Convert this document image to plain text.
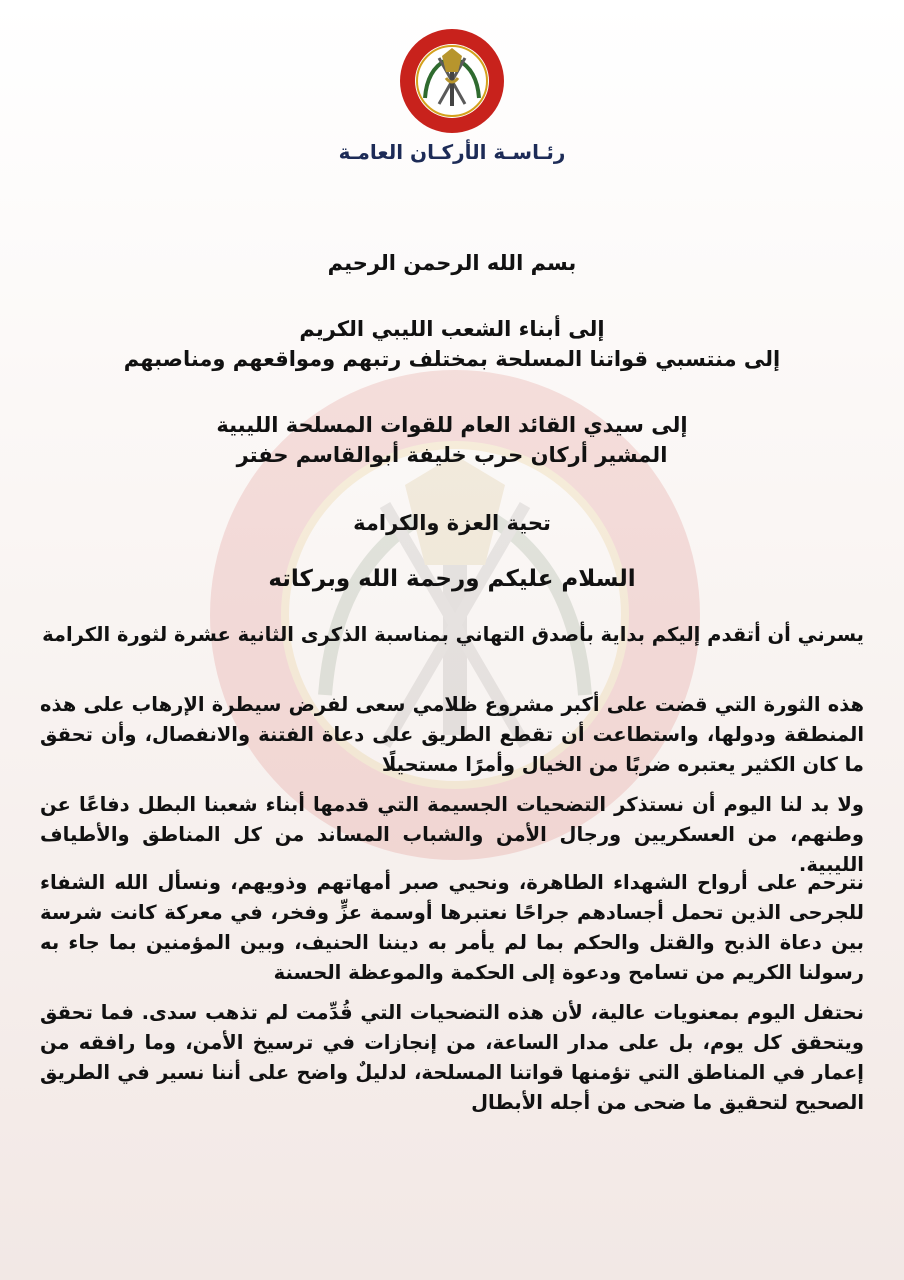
رئـاسـة الأركـان العامـة
بسم الله الرحمن الرحيم
إلى أبناء الشعب الليبي الكريم
إلى منتسبي قواتنا المسلحة بمختلف رتبهم ومواقعهم ومناصبهم
إلى سيدي القائد العام للقوات المسلحة الليبية
المشير أركان حرب خليفة أبوالقاسم حفتر
تحية العزة والكرامة
السلام عليكم ورحمة الله وبركاته
يسرني أن أتقدم إليكم بداية بأصدق التهاني بمناسبة الذكرى الثانية عشرة لثورة الكرامة
هذه الثورة التي قضت على أكبر مشروع ظلامي سعى لفرض سيطرة الإرهاب على هذه المنطقة ودولها، واستطاعت أن تقطع الطريق على دعاة الفتنة والانفصال، وأن تحقق ما كان الكثير يعتبره ضربًا من الخيال وأمرًا مستحيلًا
ولا بد لنا اليوم أن نستذكر التضحيات الجسيمة التي قدمها أبناء شعبنا البطل دفاعًا عن وطنهم، من العسكريين ورجال الأمن والشباب المساند من كل المناطق والأطياف الليبية.
نترحم على أرواح الشهداء الطاهرة، ونحيي صبر أمهاتهم وذويهم، ونسأل الله الشفاء للجرحى الذين تحمل أجسادهم جراحًا نعتبرها أوسمة عزٍّ وفخر، في معركة كانت شرسة بين دعاة الذبح والقتل والحكم بما لم يأمر به ديننا الحنيف، وبين المؤمنين بما جاء به رسولنا الكريم من تسامح ودعوة إلى الحكمة والموعظة الحسنة
نحتفل اليوم بمعنويات عالية، لأن هذه التضحيات التي قُدِّمت لم تذهب سدى. فما تحقق ويتحقق كل يوم، بل على مدار الساعة، من إنجازات في ترسيخ الأمن، وما رافقه من إعمار في المناطق التي تؤمنها قواتنا المسلحة، لدليلٌ واضح على أننا نسير في الطريق الصحيح لتحقيق ما ضحى من أجله الأبطال
